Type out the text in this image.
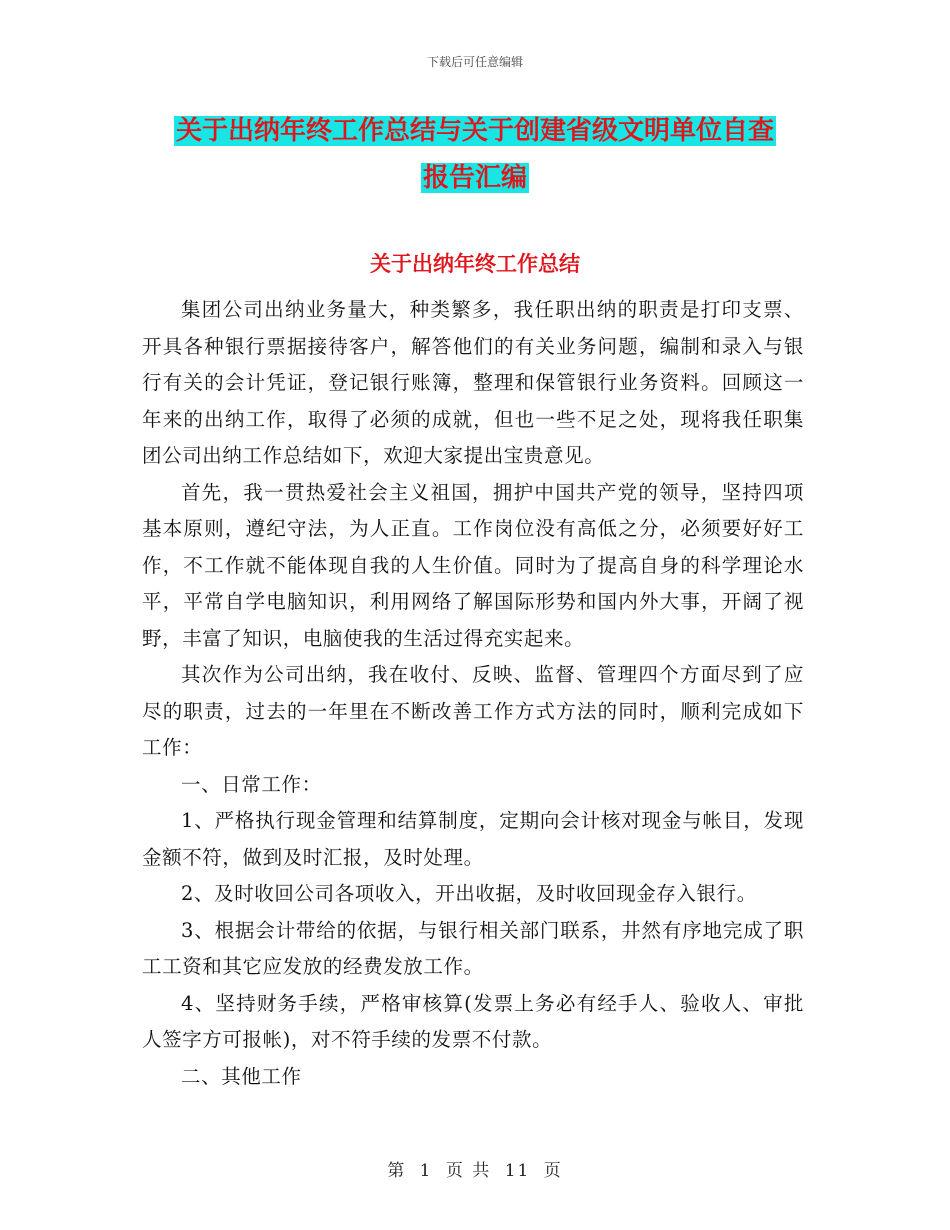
下载后可任意编辑
关于出纳年终工作总结与关于创建省级文明单位自查
报告汇编
关于出纳年终工作总结

集团公司出纳业务量大，种类繁多，我任职出纳的职责是打印支票、开具各种银行票据接待客户，解答他们的有关业务问题，编制和录入与银行有关的会计凭证，登记银行账簿，整理和保管银行业务资料。回顾这一年来的出纳工作，取得了必须的成就，但也一些不足之处，现将我任职集团公司出纳工作总结如下，欢迎大家提出宝贵意见。

首先，我一贯热爱社会主义祖国，拥护中国共产党的领导，坚持四项基本原则，遵纪守法，为人正直。工作岗位没有高低之分，必须要好好工作，不工作就不能体现自我的人生价值。同时为了提高自身的科学理论水平，平常自学电脑知识，利用网络了解国际形势和国内外大事，开阔了视野，丰富了知识，电脑使我的生活过得充实起来。

其次作为公司出纳，我在收付、反映、监督、管理四个方面尽到了应尽的职责，过去的一年里在不断改善工作方式方法的同时，顺利完成如下工作：

一、日常工作：

1、严格执行现金管理和结算制度，定期向会计核对现金与帐目，发现金额不符，做到及时汇报，及时处理。

2、及时收回公司各项收入，开出收据，及时收回现金存入银行。

3、根据会计带给的依据，与银行相关部门联系，井然有序地完成了职工工资和其它应发放的经费发放工作。

4、坚持财务手续，严格审核算(发票上务必有经手人、验收人、审批人签字方可报帐)，对不符手续的发票不付款。

二、其他工作

第 1 页 共 11 页
